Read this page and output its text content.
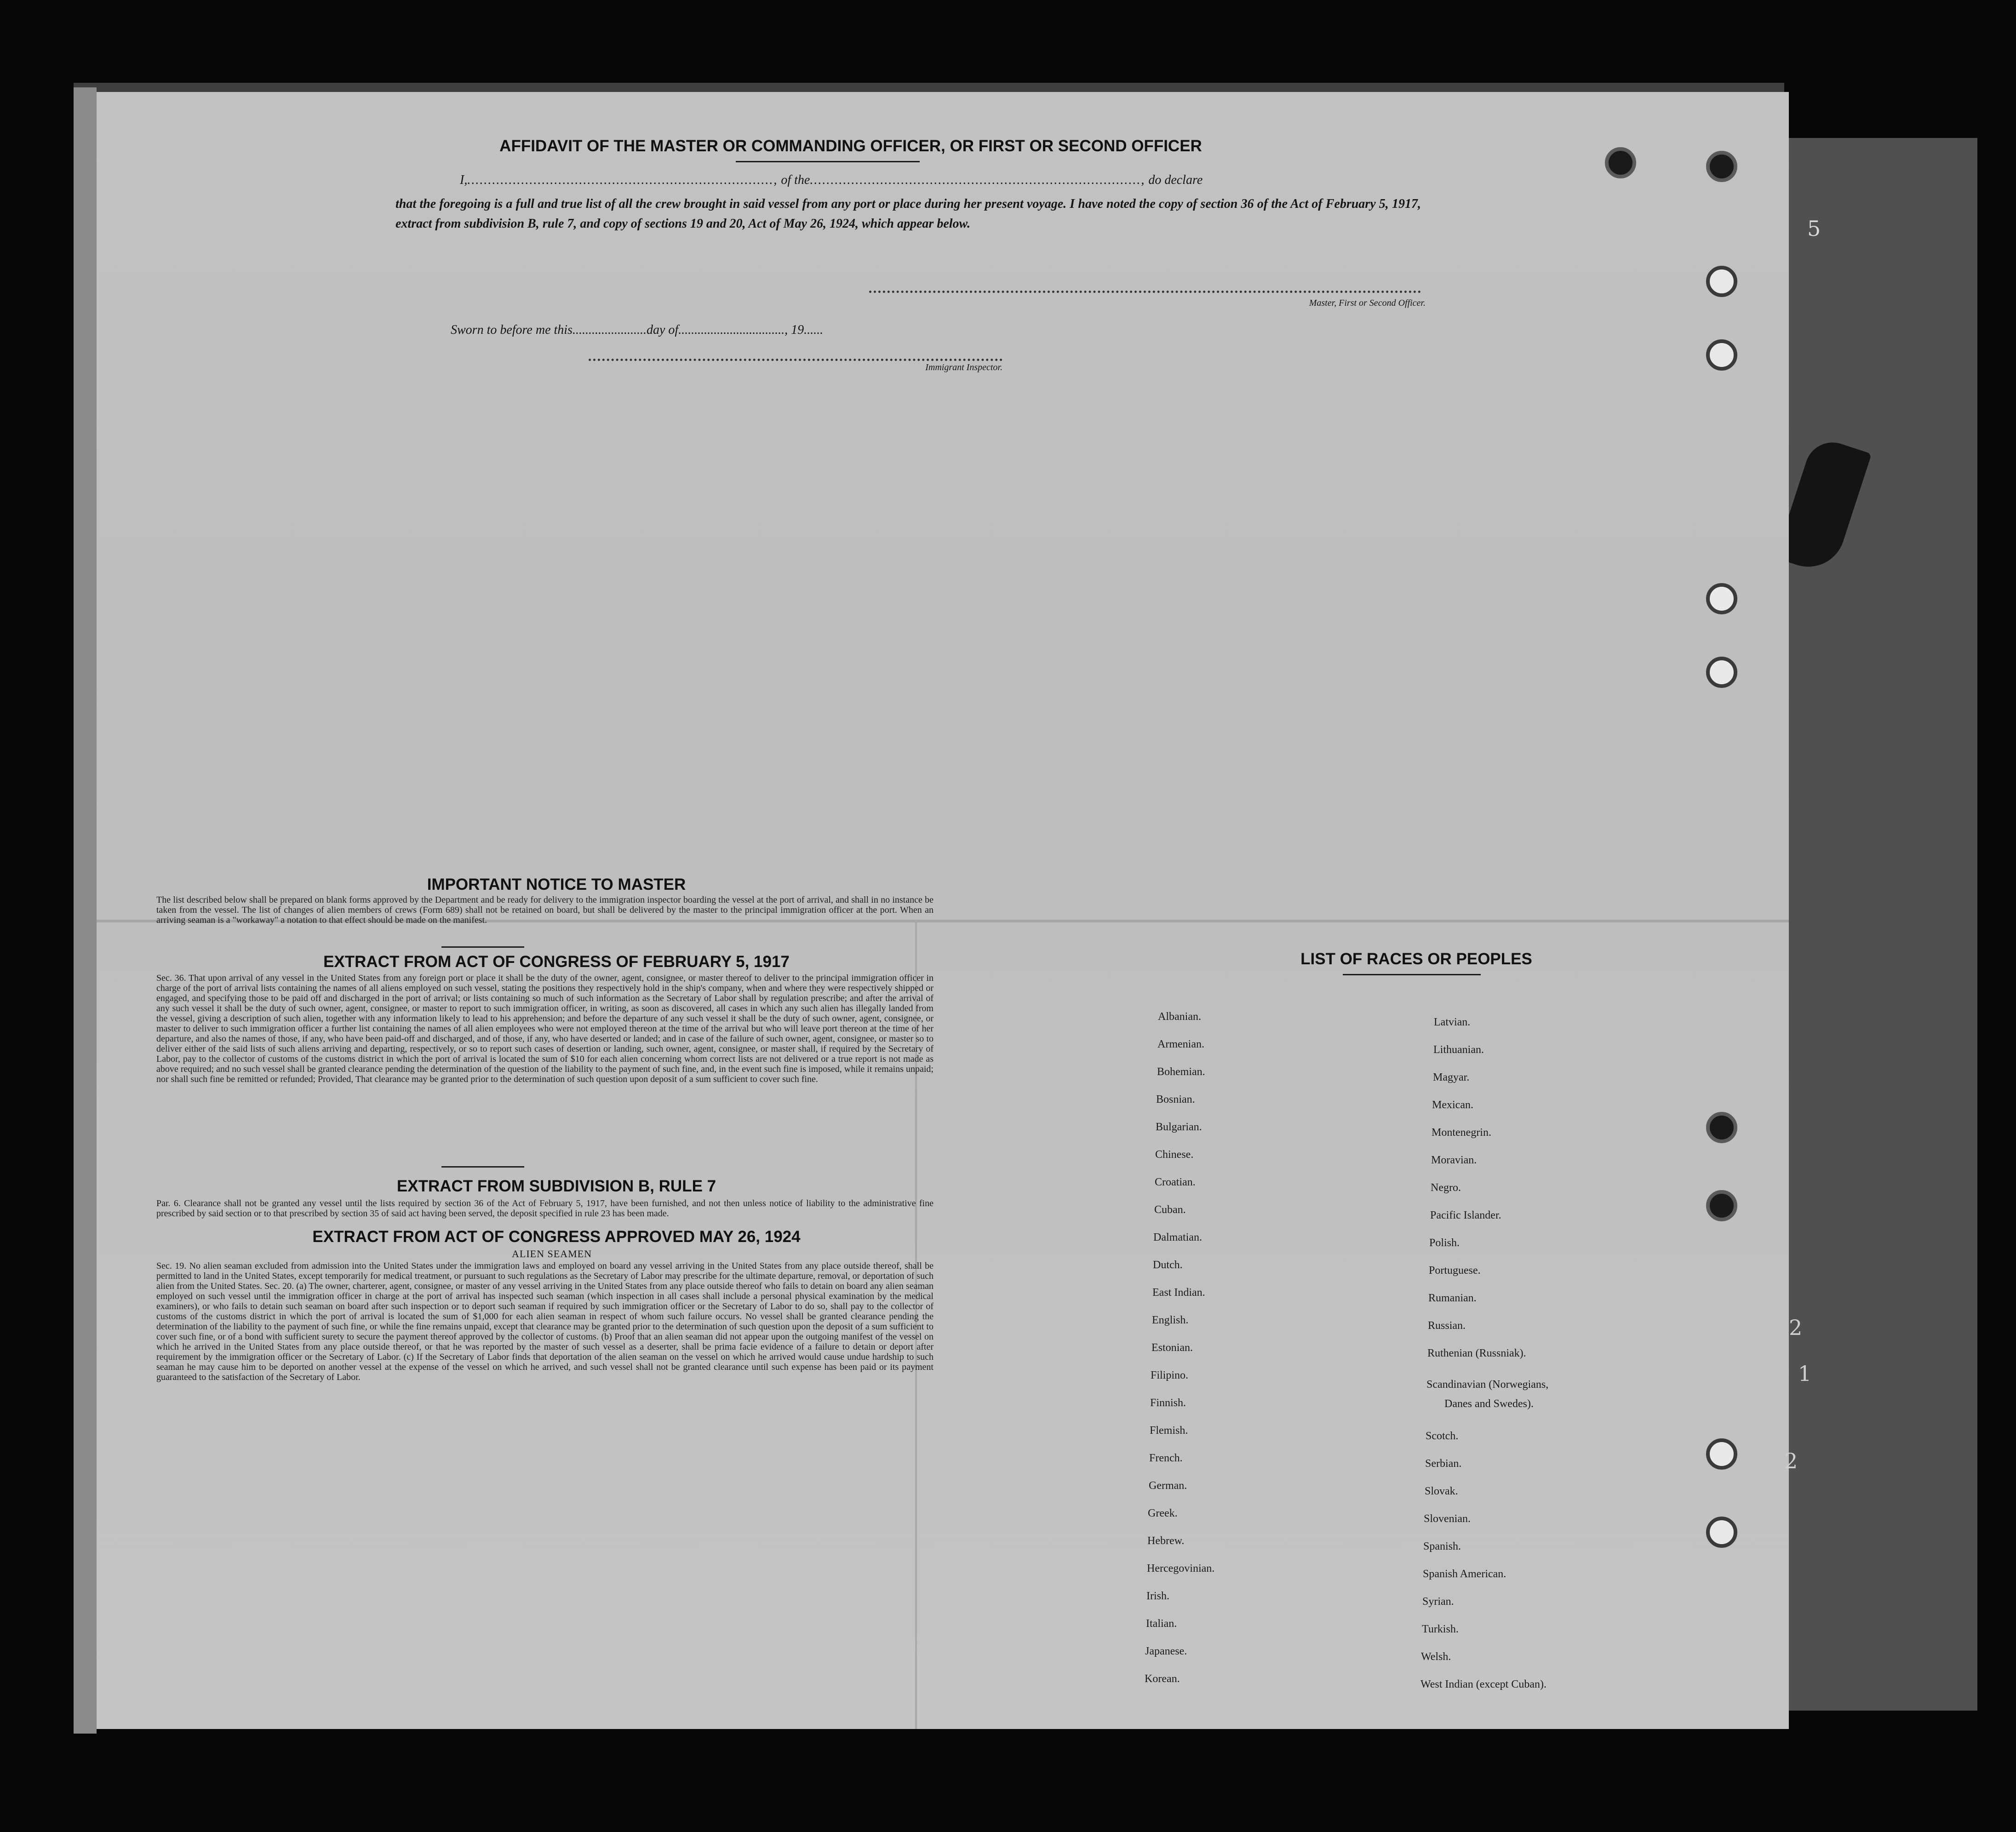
5
2
1
2
AFFIDAVIT OF THE MASTER OR COMMANDING OFFICER, OR FIRST OR SECOND OFFICER
I,.........................................................................., of the................................................................................, do declare
that the foregoing is a full and true list of all the crew brought in said vessel from any port or place during her present voyage. I have noted the copy of section 36 of the Act of February 5, 1917, extract from subdivision B, rule 7, and copy of sections 19 and 20, Act of May 26, 1924, which appear below.
Master, First or Second Officer.
Sworn to before me this.......................day of................................., 19......
Immigrant Inspector.
IMPORTANT NOTICE TO MASTER
The list described below shall be prepared on blank forms approved by the Department and be ready for delivery to the immigration inspector boarding the vessel at the port of arrival, and shall in no instance be taken from the vessel. The list of changes of alien members of crews (Form 689) shall not be retained on board, but shall be delivered by the master to the principal immigration officer at the port. When an arriving seaman is a "workaway" a notation to that effect should be made on the manifest.
EXTRACT FROM ACT OF CONGRESS OF FEBRUARY 5, 1917
Sec. 36. That upon arrival of any vessel in the United States from any foreign port or place it shall be the duty of the owner, agent, consignee, or master thereof to deliver to the principal immigration officer in charge of the port of arrival lists containing the names of all aliens employed on such vessel, stating the positions they respectively hold in the ship's company, when and where they were respectively shipped or engaged, and specifying those to be paid off and discharged in the port of arrival; or lists containing so much of such information as the Secretary of Labor shall by regulation prescribe; and after the arrival of any such vessel it shall be the duty of such owner, agent, consignee, or master to report to such immigration officer, in writing, as soon as discovered, all cases in which any such alien has illegally landed from the vessel, giving a description of such alien, together with any information likely to lead to his apprehension; and before the departure of any such vessel it shall be the duty of such owner, agent, consignee, or master to deliver to such immigration officer a further list containing the names of all alien employees who were not employed thereon at the time of the arrival but who will leave port thereon at the time of her departure, and also the names of those, if any, who have been paid-off and discharged, and of those, if any, who have deserted or landed; and in case of the failure of such owner, agent, consignee, or master so to deliver either of the said lists of such aliens arriving and departing, respectively, or so to report such cases of desertion or landing, such owner, agent, consignee, or master shall, if required by the Secretary of Labor, pay to the collector of customs of the customs district in which the port of arrival is located the sum of $10 for each alien concerning whom correct lists are not delivered or a true report is not made as above required; and no such vessel shall be granted clearance pending the determination of the question of the liability to the payment of such fine, and, in the event such fine is imposed, while it remains unpaid; nor shall such fine be remitted or refunded; Provided, That clearance may be granted prior to the determination of such question upon deposit of a sum sufficient to cover such fine.
EXTRACT FROM SUBDIVISION B, RULE 7
Par. 6. Clearance shall not be granted any vessel until the lists required by section 36 of the Act of February 5, 1917, have been furnished, and not then unless notice of liability to the administrative fine prescribed by said section or to that prescribed by section 35 of said act having been served, the deposit specified in rule 23 has been made.
EXTRACT FROM ACT OF CONGRESS APPROVED MAY 26, 1924
ALIEN SEAMEN
Sec. 19. No alien seaman excluded from admission into the United States under the immigration laws and employed on board any vessel arriving in the United States from any place outside thereof, shall be permitted to land in the United States, except temporarily for medical treatment, or pursuant to such regulations as the Secretary of Labor may prescribe for the ultimate departure, removal, or deportation of such alien from the United States. Sec. 20. (a) The owner, charterer, agent, consignee, or master of any vessel arriving in the United States from any place outside thereof who fails to detain on board any alien seaman employed on such vessel until the immigration officer in charge at the port of arrival has inspected such seaman (which inspection in all cases shall include a personal physical examination by the medical examiners), or who fails to detain such seaman on board after such inspection or to deport such seaman if required by such immigration officer or the Secretary of Labor to do so, shall pay to the collector of customs of the customs district in which the port of arrival is located the sum of $1,000 for each alien seaman in respect of whom such failure occurs. No vessel shall be granted clearance pending the determination of the liability to the payment of such fine, or while the fine remains unpaid, except that clearance may be granted prior to the determination of such question upon the deposit of a sum sufficient to cover such fine, or of a bond with sufficient surety to secure the payment thereof approved by the collector of customs. (b) Proof that an alien seaman did not appear upon the outgoing manifest of the vessel on which he arrived in the United States from any place outside thereof, or that he was reported by the master of such vessel as a deserter, shall be prima facie evidence of a failure to detain or deport after requirement by the immigration officer or the Secretary of Labor. (c) If the Secretary of Labor finds that deportation of the alien seaman on the vessel on which he arrived would cause undue hardship to such seaman he may cause him to be deported on another vessel at the expense of the vessel on which he arrived, and such vessel shall not be granted clearance until such expense has been paid or its payment guaranteed to the satisfaction of the Secretary of Labor.
LIST OF RACES OR PEOPLES
Albanian.
Armenian.
Bohemian.
Bosnian.
Bulgarian.
Chinese.
Croatian.
Cuban.
Dalmatian.
Dutch.
East Indian.
English.
Estonian.
Filipino.
Finnish.
Flemish.
French.
German.
Greek.
Hebrew.
Hercegovinian.
Irish.
Italian.
Japanese.
Korean.
Latvian.
Lithuanian.
Magyar.
Mexican.
Montenegrin.
Moravian.
Negro.
Pacific Islander.
Polish.
Portuguese.
Rumanian.
Russian.
Ruthenian (Russniak).
Scandinavian (Norwegians,
Danes and Swedes).
Scotch.
Serbian.
Slovak.
Slovenian.
Spanish.
Spanish American.
Syrian.
Turkish.
Welsh.
West Indian (except Cuban).
